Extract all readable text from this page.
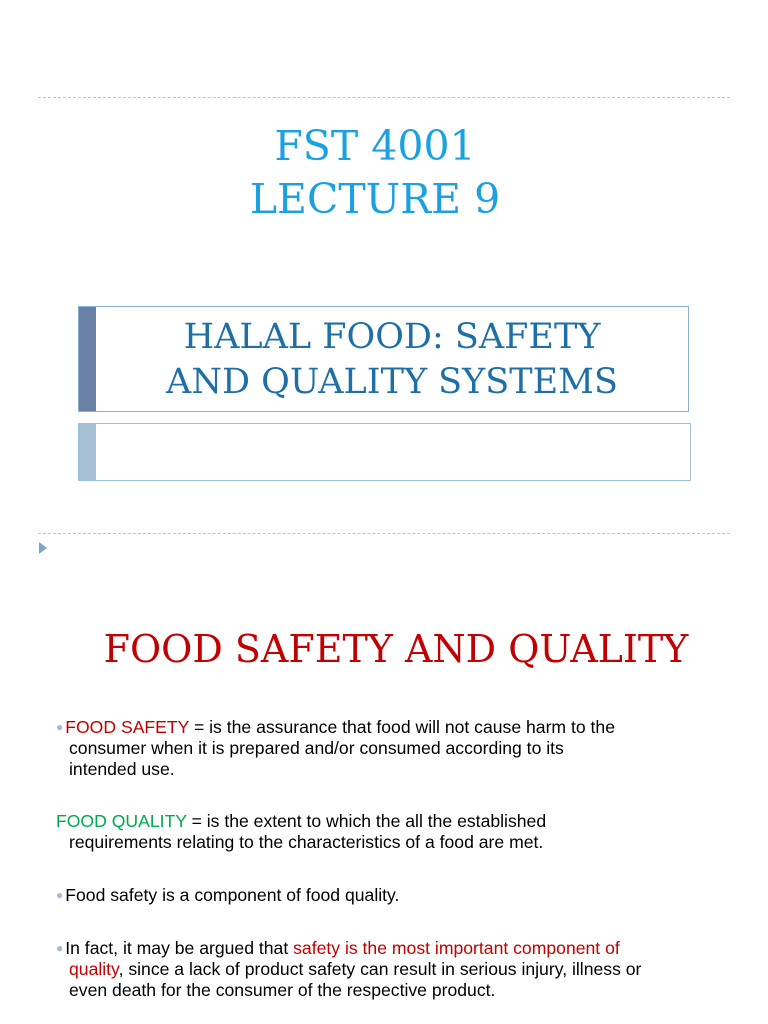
FST 4001
LECTURE 9
HALAL FOOD: SAFETY
AND QUALITY SYSTEMS
FOOD SAFETY AND QUALITY
● FOOD SAFETY = is the assurance that food will not cause harm to the
consumer when it is prepared and/or consumed according to its
intended use.
FOOD QUALITY = is the extent to which the all the established
requirements relating to the characteristics of a food are met.
● Food safety is a component of food quality.
● In fact, it may be argued that safety is the most important component of
quality, since a lack of product safety can result in serious injury, illness or
even death for the consumer of the respective product.
